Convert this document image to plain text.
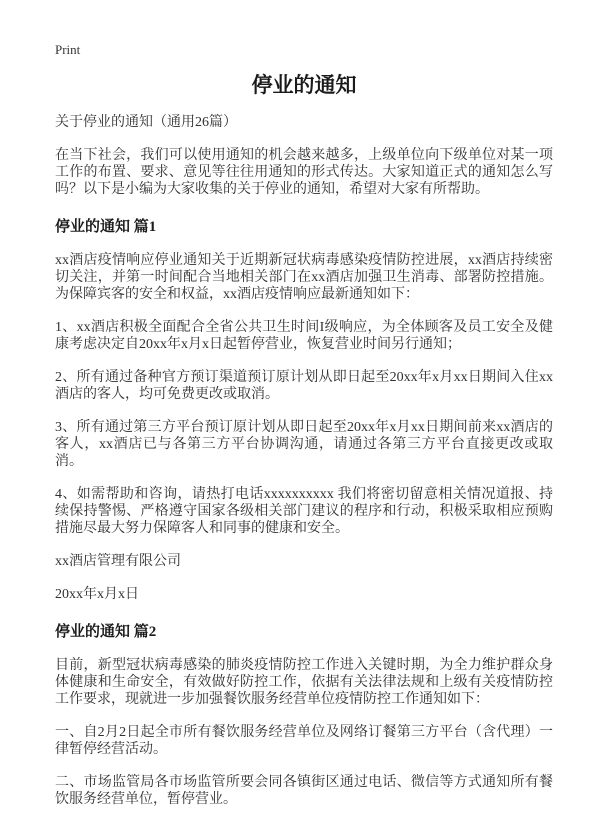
Print

停业的通知

关于停业的通知（通用26篇）

在当下社会，我们可以使用通知的机会越来越多，上级单位向下级单位对某一项工作的布置、要求、意见等往往用通知的形式传达。大家知道正式的通知怎么写吗？以下是小编为大家收集的关于停业的通知，希望对大家有所帮助。

停业的通知 篇1

xx酒店疫情响应停业通知关于近期新冠状病毒感染疫情防控进展，xx酒店持续密切关注，并第一时间配合当地相关部门在xx酒店加强卫生消毒、部署防控措施。为保障宾客的安全和权益，xx酒店疫情响应最新通知如下：

1、xx酒店积极全面配合全省公共卫生时间I级响应，为全体顾客及员工安全及健康考虑决定自20xx年x月x日起暂停营业，恢复营业时间另行通知；

2、所有通过备种官方预订渠道预订原计划从即日起至20xx年x月xx日期间入住xx酒店的客人，均可免费更改或取消。

3、所有通过第三方平台预订原计划从即日起至20xx年x月xx日期间前来xx酒店的客人，xx酒店已与各第三方平台协调沟通，请通过各第三方平台直接更改或取消。

4、如需帮助和咨询，请热打电话xxxxxxxxxx 我们将密切留意相关情况道报、持续保持警惕、严格遵守国家各级相关部门建议的程序和行动，积极采取相应预购措施尽最大努力保障客人和同事的健康和安全。

xx酒店管理有限公司

20xx年x月x日

停业的通知 篇2

目前，新型冠状病毒感染的肺炎疫情防控工作进入关键时期，为全力维护群众身体健康和生命安全，有效做好防控工作，依据有关法律法规和上级有关疫情防控工作要求，现就进一步加强餐饮服务经营单位疫情防控工作通知如下：

一、自2月2日起全市所有餐饮服务经营单位及网络订餐第三方平台（含代理）一律暂停经营活动。

二、市场监管局各市场监管所要会同各镇街区通过电话、微信等方式通知所有餐饮服务经营单位，暂停营业。
